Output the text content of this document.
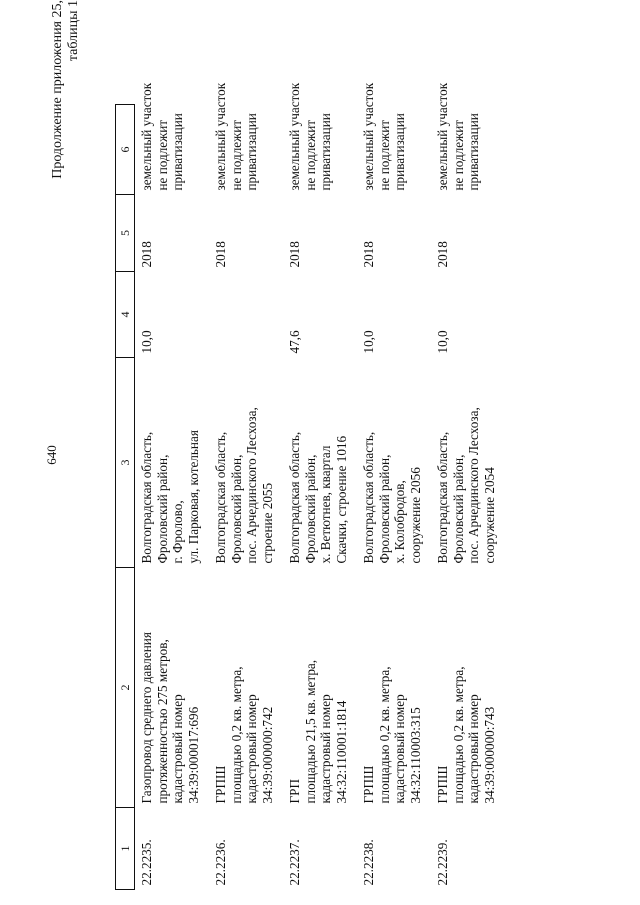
640
Продолжение приложения 25, таблицы 1
1	2	3	4	5	6
22.2235.	Газопровод среднего давления протяженностью 275 метров, кадастровый номер 34:39:000017:696	Волгоградская область, Фроловский район, г. Фролово, ул. Парковая, котельная	10,0	2018	земельный участок не подлежит приватизации

22.2236.	ГРПШ площадью 0,2 кв. метра, кадастровый номер 34:39:000000:742	Волгоградская область, Фроловский район, пос. Арчединского Лесхоза, строение 2055		2018	земельный участок не подлежит приватизации

22.2237.	ГРП площадью 21,5 кв. метра, кадастровый номер 34:32:110001:1814	Волгоградская область, Фроловский район, х. Ветютнев, квартал Скачки, строение 1016	47,6	2018	земельный участок не подлежит приватизации

22.2238.	ГРПШ площадью 0,2 кв. метра, кадастровый номер 34:32:110003:315	Волгоградская область, Фроловский район, х. Колобродов, сооружение 2056	10,0	2018	земельный участок не подлежит приватизации

22.2239.	ГРПШ площадью 0,2 кв. метра, кадастровый номер 34:39:000000:743	Волгоградская область, Фроловский район, пос. Арчединского Лесхоза, сооружение 2054	10,0	2018	земельный участок не подлежит приватизации
